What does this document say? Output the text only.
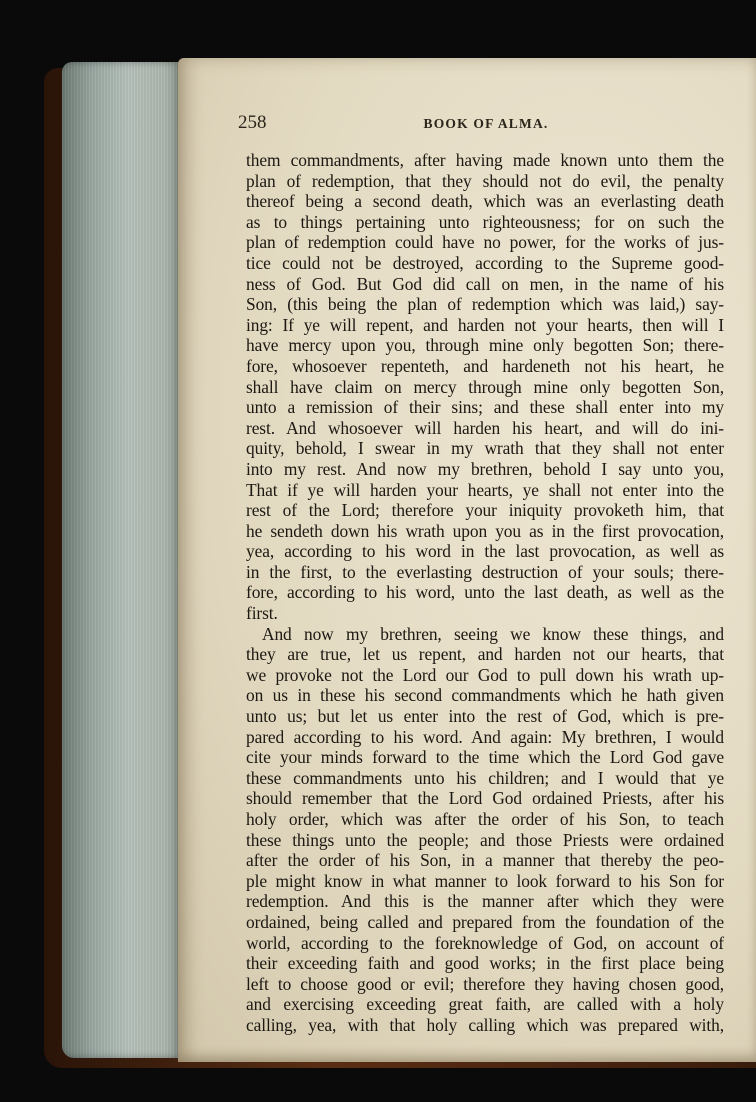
258	BOOK OF ALMA.
them commandments, after having made known unto them the
plan of redemption, that they should not do evil, the penalty
thereof being a second death, which was an everlasting death
as to things pertaining unto righteousness; for on such the
plan of redemption could have no power, for the works of jus-
tice could not be destroyed, according to the Supreme good-
ness of God. But God did call on men, in the name of his
Son, (this being the plan of redemption which was laid,) say-
ing: If ye will repent, and harden not your hearts, then will I
have mercy upon you, through mine only begotten Son; there-
fore, whosoever repenteth, and hardeneth not his heart, he
shall have claim on mercy through mine only begotten Son,
unto a remission of their sins; and these shall enter into my
rest. And whosoever will harden his heart, and will do ini-
quity, behold, I swear in my wrath that they shall not enter
into my rest. And now my brethren, behold I say unto you,
That if ye will harden your hearts, ye shall not enter into the
rest of the Lord; therefore your iniquity provoketh him, that
he sendeth down his wrath upon you as in the first provocation,
yea, according to his word in the last provocation, as well as
in the first, to the everlasting destruction of your souls; there-
fore, according to his word, unto the last death, as well as the
first.
And now my brethren, seeing we know these things, and
they are true, let us repent, and harden not our hearts, that
we provoke not the Lord our God to pull down his wrath up-
on us in these his second commandments which he hath given
unto us; but let us enter into the rest of God, which is pre-
pared according to his word. And again: My brethren, I would
cite your minds forward to the time which the Lord God gave
these commandments unto his children; and I would that ye
should remember that the Lord God ordained Priests, after his
holy order, which was after the order of his Son, to teach
these things unto the people; and those Priests were ordained
after the order of his Son, in a manner that thereby the peo-
ple might know in what manner to look forward to his Son for
redemption. And this is the manner after which they were
ordained, being called and prepared from the foundation of the
world, according to the foreknowledge of God, on account of
their exceeding faith and good works; in the first place being
left to choose good or evil; therefore they having chosen good,
and exercising exceeding great faith, are called with a holy
calling, yea, with that holy calling which was prepared with,
